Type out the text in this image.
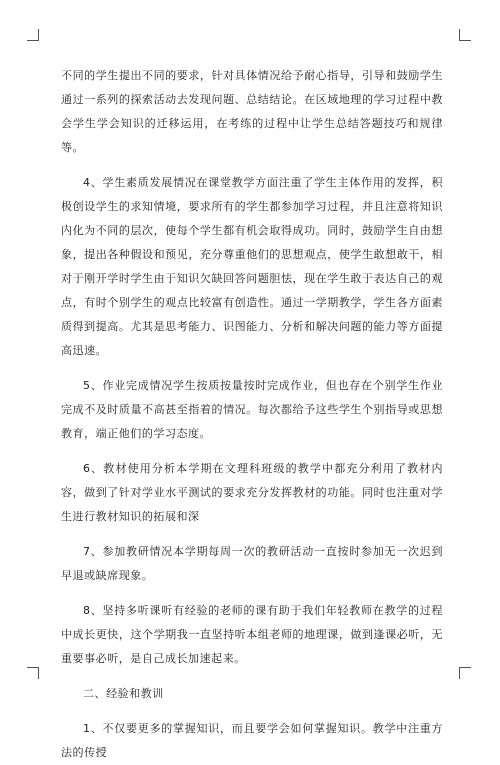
不同的学生提出不同的要求，针对具体情况给予耐心指导，引导和鼓励学生通过一系列的探索活动去发现问题、总结结论。在区域地理的学习过程中教会学生学会知识的迁移运用，在考练的过程中让学生总结答题技巧和规律等。

4、学生素质发展情况在课堂教学方面注重了学生主体作用的发挥，积极创设学生的求知情境，要求所有的学生都参加学习过程，并且注意将知识内化为不同的层次，使每个学生都有机会取得成功。同时，鼓励学生自由想象，提出各种假设和预见，充分尊重他们的思想观点，使学生敢想敢干，相对于刚开学时学生由于知识欠缺回答问题胆怯，现在学生敢于表达自己的观点，有时个别学生的观点比较富有创造性。通过一学期教学，学生各方面素质得到提高。尤其是思考能力、识图能力、分析和解决问题的能力等方面提高迅速。

5、作业完成情况学生按质按量按时完成作业，但也存在个别学生作业完成不及时质量不高甚至指着的情况。每次都给予这些学生个别指导或思想教育，端正他们的学习态度。

6、教材使用分析本学期在文理科班级的教学中都充分利用了教材内容，做到了针对学业水平测试的要求充分发挥教材的功能。同时也注重对学生进行教材知识的拓展和深

7、参加教研情况本学期每周一次的教研活动一直按时参加无一次迟到早退或缺席现象。

8、坚持多听课听有经验的老师的课有助于我们年轻教师在教学的过程中成长更快，这个学期我一直坚持听本组老师的地理课，做到逢课必听，无重要事必听，是自己成长加速起来。

二、经验和教训

1、不仅要更多的掌握知识，而且要学会如何掌握知识。教学中注重方法的传授
